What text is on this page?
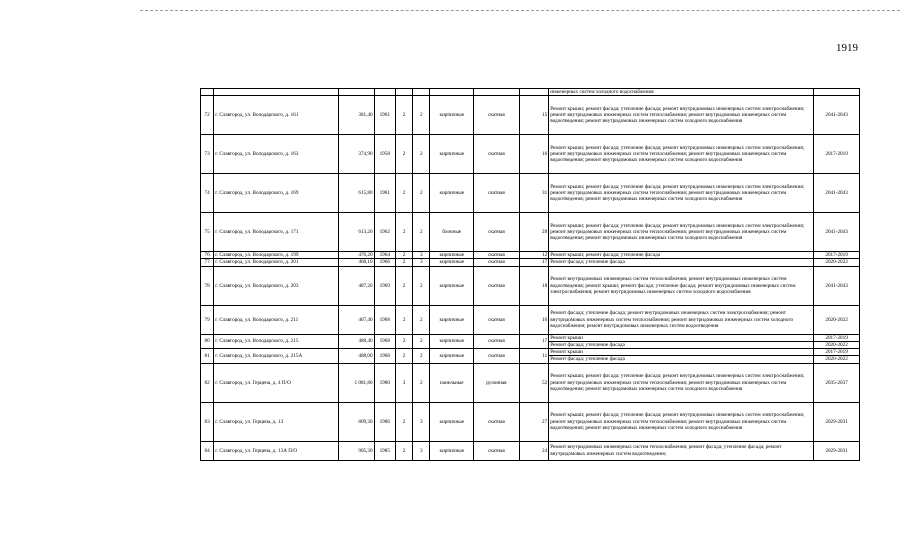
1919
									инженерных систем холодного водоснабжения	
72	г. Славгород, ул. Володарского, д. 161	381,40	1961	2	2	кирпичные	скатная	15	Ремонт крыши; ремонт фасада; утепление фасада; ремонт внутридомовых инженерных систем электроснабжения; ремонт внутридомовых инженерных систем теплоснабжения; ремонт внутридомовых инженерных систем водоотведения; ремонт внутридомовых инженерных систем холодного водоснабжения	2041-2043
73	г. Славгород, ул. Володарского, д. 163	374,90	1958	2	2	кирпичные	скатная	16	Ремонт крыши; ремонт фасада; утепление фасада; ремонт внутридомовых инженерных систем электроснабжения; ремонт внутридомовых инженерных систем теплоснабжения; ремонт внутридомовых инженерных систем водоотведения; ремонт внутридомовых инженерных систем холодного водоснабжения	2017-2019
74	г. Славгород, ул. Володарского, д. 169	615,80	1961	2	2	кирпичные	скатная	31	Ремонт крыши; ремонт фасада; утепление фасада; ремонт внутридомовых инженерных систем электроснабжения; ремонт внутридомовых инженерных систем теплоснабжения; ремонт внутридомовых инженерных систем водоотведения; ремонт внутридомовых инженерных систем холодного водоснабжения	2041-2043
75	г. Славгород, ул. Володарского, д. 171	613,20	1962	2	2	блочные	скатная	28	Ремонт крыши; ремонт фасада; утепление фасада; ремонт внутридомовых инженерных систем электроснабжения; ремонт внутридомовых инженерных систем теплоснабжения; ремонт внутридомовых инженерных систем водоотведения; ремонт внутридомовых инженерных систем холодного водоснабжения	2041-2043
76	г. Славгород, ул. Володарского, д. 199	476,20	1964	2	3	кирпичные	скатная	12	Ремонт крыши; ремонт фасада; утепление фасада	2017-2019
77	г. Славгород, ул. Володарского, д. 201	468,10	1966	2	3	кирпичные	скатная	17	Ремонт фасада; утепление фасада	2020-2022
78	г. Славгород, ул. Володарского, д. 203	487,20	1969	2	2	кирпичные	скатная	18	Ремонт внутридомовых инженерных систем теплоснабжения; ремонт внутридомовых инженерных систем водоотведения; ремонт крыши; ремонт фасада; утепление фасада; ремонт внутридомовых инженерных систем электроснабжения; ремонт внутридомовых инженерных систем холодного водоснабжения	2041-2043
79	г. Славгород, ул. Володарского, д. 211	467,40	1968	2	2	кирпичные	скатная	16	Ремонт фасада; утепление фасада; ремонт внутридомовых инженерных систем электроснабжения; ремонт внутридомовых инженерных систем теплоснабжения; ремонт внутридомовых инженерных систем холодного водоснабжения; ремонт внутридомовых инженерных систем водоотведения	2020-2022
80	г. Славгород, ул. Володарского, д. 215	488,40	1968	2	2	кирпичные	скатная	17	Ремонт крыши	2017-2019
									Ремонт фасада; утепление фасада	2020-2022
81	г. Славгород, ул. Володарского, д. 215А	488,00	1968	2	2	кирпичные	скатная	11	Ремонт крыши	2017-2019
									Ремонт фасада; утепление фасада	2020-2022
82	г. Славгород, ул. Герцена, д. 4 П/О	1 081,80	1980	3	2	панельные	рулонная	52	Ремонт крыши; ремонт фасада; утепление фасада; ремонт внутридомовых инженерных систем электроснабжения; ремонт внутридомовых инженерных систем теплоснабжения; ремонт внутридомовых инженерных систем водоотведения; ремонт внутридомовых инженерных систем холодного водоснабжения	2035-2037
83	г. Славгород, ул. Герцена, д. 13	809,30	1986	2	3	кирпичные	скатная	27	Ремонт крыши; ремонт фасада; утепление фасада; ремонт внутридомовых инженерных систем электроснабжения; ремонт внутридомовых инженерных систем теплоснабжения; ремонт внутридомовых инженерных систем водоотведения; ремонт внутридомовых инженерных систем холодного водоснабжения	2029-2031
84	г. Славгород, ул. Герцена, д. 13А П/О	905,30	1985	2	3	кирпичные	скатная	24	Ремонт внутридомовых инженерных систем теплоснабжения; ремонт фасада; утепление фасада; ремонт внутридомовых инженерных систем водоотведения;	2029-2031
